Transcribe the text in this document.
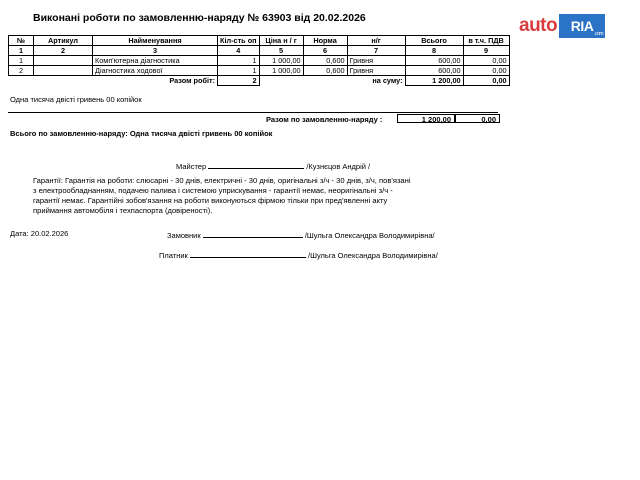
Виконані роботи по замовленню-наряду № 63903 від 20.02.2026	auto RIA .com
№	Артикул	Найменування	Кіл-сть оп	Ціна н / г	Норма	н/г	Всього	в т.ч. ПДВ
1	2	3	4	5	6	7	8	9
1		Комп'ютерна діагностика	1	1 000,00	0,600	Гривня	600,00	0,00
2		Діагностика ходової	1	1 000,00	0,600	Гривня	600,00	0,00
		Разом робіт:	2			на суму:	1 200,00	0,00
Одна тисяча двісті гривень 00 копійок
Разом по замовленню-наряду :	1 200,00	0,00
Всього по замовленню-наряду: Одна тисяча двісті гривень 00 копійок
Майстер	/Кузнєцов Андрій /
Гарантії: Гарантія на роботи: слюсарні - 30 днів, електричні - 30 днів, оригінальні з/ч - 30 днів, з/ч, пов'язані
з електрообладнанням, подачею палива і системою уприскування - гарантії немає, неоригінальні з/ч -
гарантії немає. Гарантійні зобов'язання на роботи виконуються фірмою тільки при пред'явленні акту
приймання автомобіля і техпаспорта (довіреності).
Дата: 20.02.2026	Замовник	/Шульга Олександра Володимирівна/
Платник	/Шульга Олександра Володимирівна/
